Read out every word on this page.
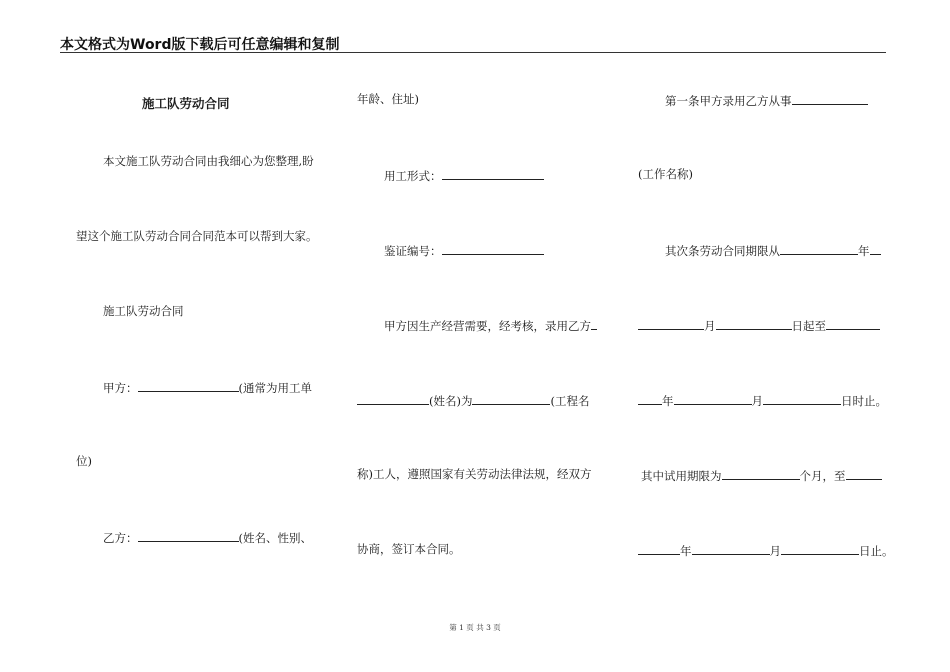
本文格式为Word版下载后可任意编辑和复制
施工队劳动合同
本文施工队劳动合同由我细心为您整理,盼
望这个施工队劳动合同合同范本可以帮到大家。
施工队劳动合同
甲方：	(通常为用工单
位)
乙方：	(姓名、性别、
年龄、住址)
用工形式：
鉴证编号：
甲方因生产经营需要，经考核，录用乙方
(姓名)为	(工程名
称)工人，遵照国家有关劳动法律法规，经双方
协商，签订本合同。
第一条甲方录用乙方从事
(工作名称)
其次条劳动合同期限从	年
月	日起至
年	月	日时止。
其中试用期限为	个月，至
年	月	日止。
第 1 页 共 3 页
